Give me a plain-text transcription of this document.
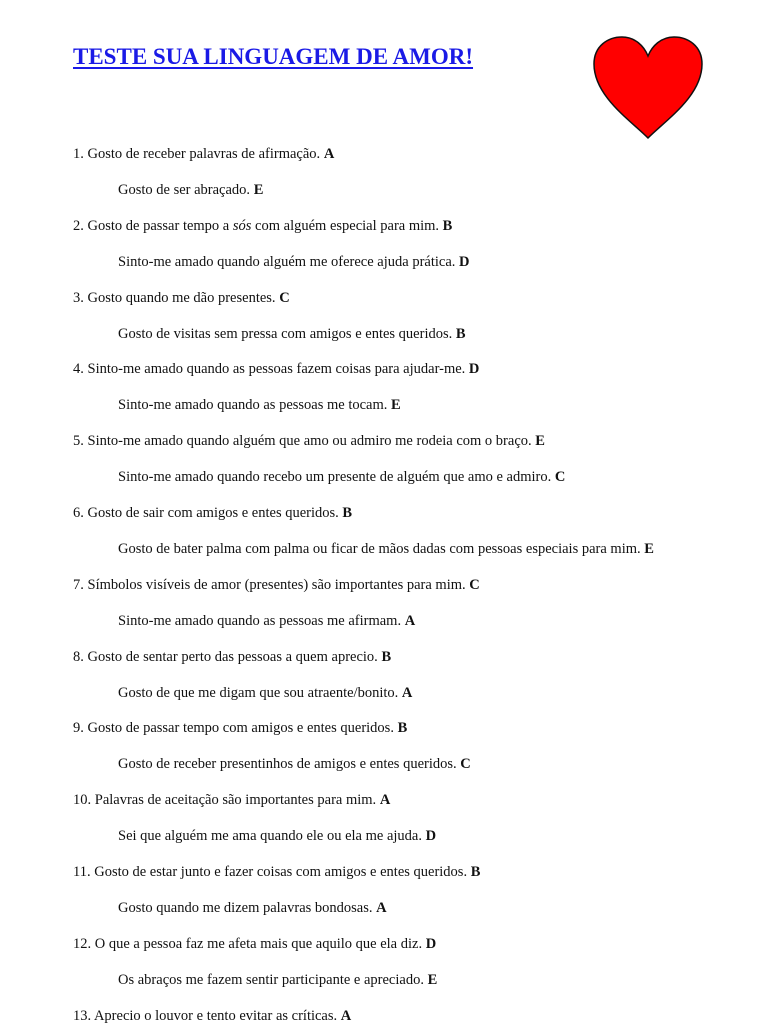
TESTE SUA LINGUAGEM DE AMOR!
1. Gosto de receber palavras de afirmação. A
Gosto de ser abraçado. E
2. Gosto de passar tempo a sós com alguém especial para mim. B
Sinto-me amado quando alguém me oferece ajuda prática. D
3. Gosto quando me dão presentes. C
Gosto de visitas sem pressa com amigos e entes queridos. B
4. Sinto-me amado quando as pessoas fazem coisas para ajudar-me. D
Sinto-me amado quando as pessoas me tocam. E
5. Sinto-me amado quando alguém que amo ou admiro me rodeia com o braço. E
Sinto-me amado quando recebo um presente de alguém que amo e admiro. C
6. Gosto de sair com amigos e entes queridos. B
Gosto de bater palma com palma ou ficar de mãos dadas com pessoas especiais para mim. E
7. Símbolos visíveis de amor (presentes) são importantes para mim. C
Sinto-me amado quando as pessoas me afirmam. A
8. Gosto de sentar perto das pessoas a quem aprecio. B
Gosto de que me digam que sou atraente/bonito. A
9. Gosto de passar tempo com amigos e entes queridos. B
Gosto de receber presentinhos de amigos e entes queridos. C
10. Palavras de aceitação são importantes para mim. A
Sei que alguém me ama quando ele ou ela me ajuda. D
11. Gosto de estar junto e fazer coisas com amigos e entes queridos. B
Gosto quando me dizem palavras bondosas. A
12. O que a pessoa faz me afeta mais que aquilo que ela diz. D
Os abraços me fazem sentir participante e apreciado. E
13. Aprecio o louvor e tento evitar as críticas. A
